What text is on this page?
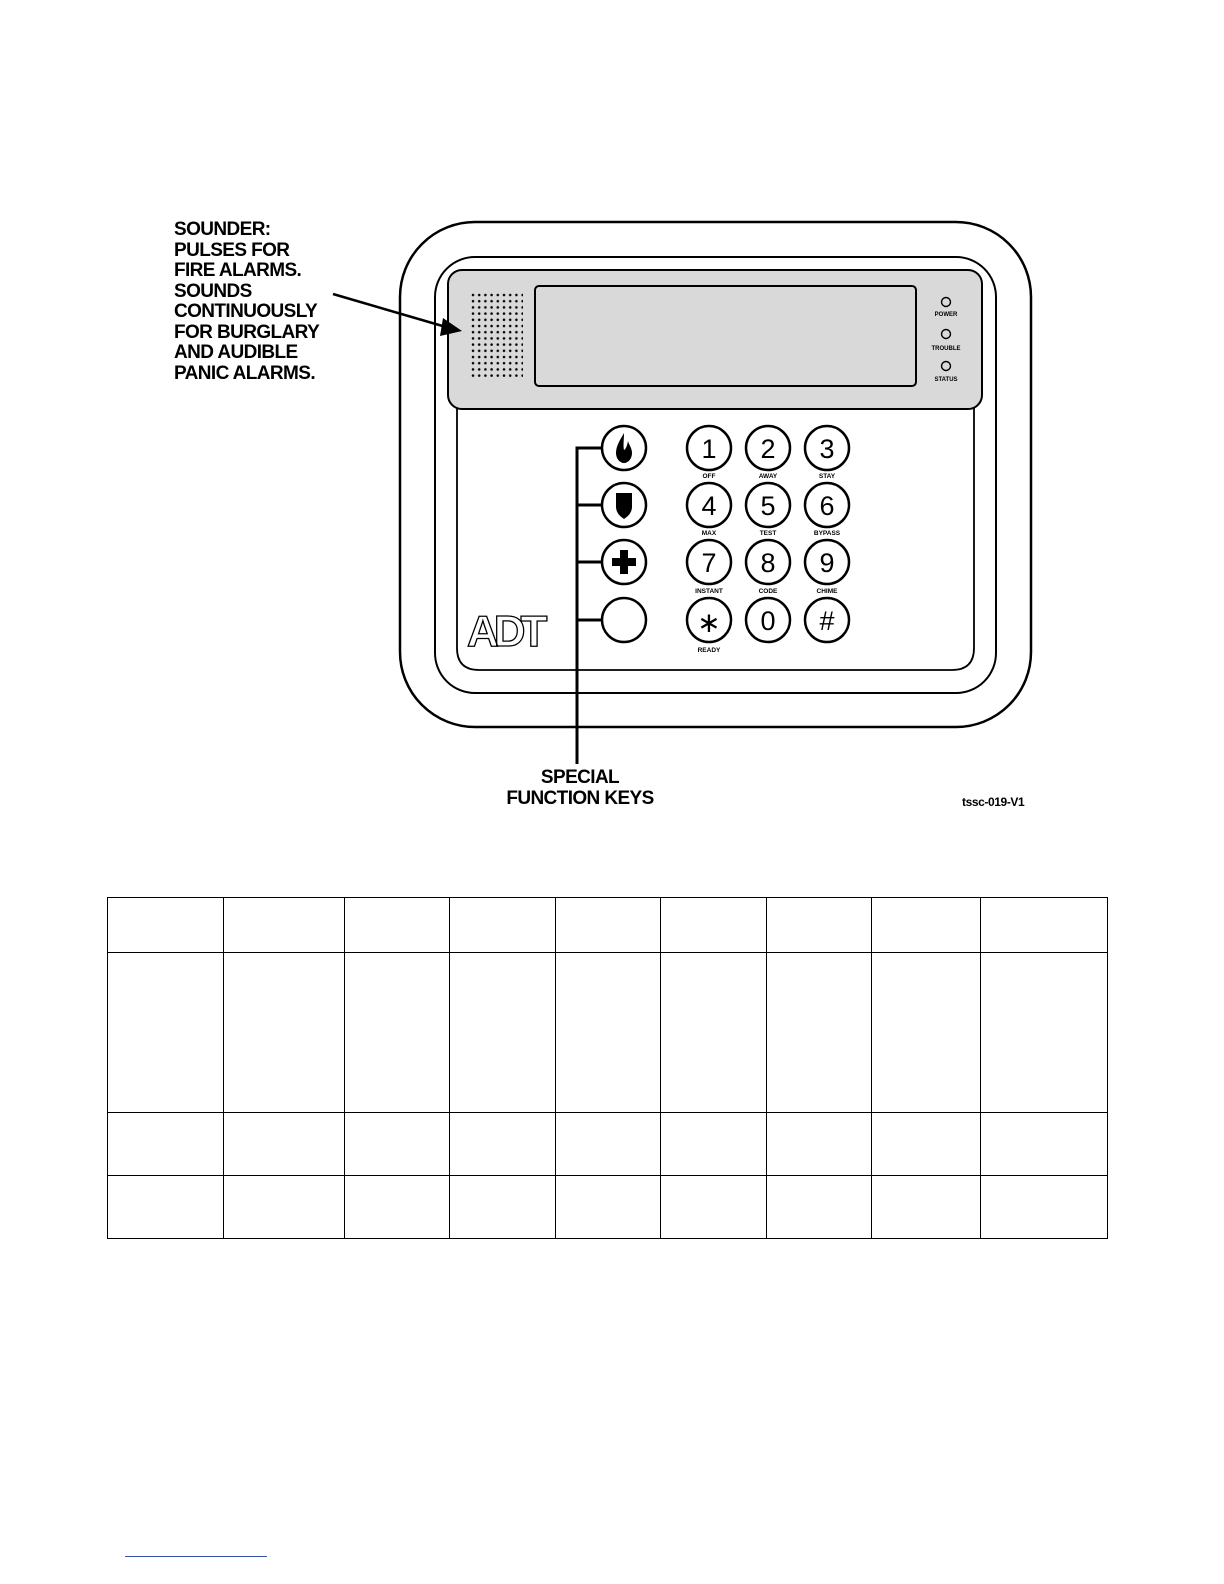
POWER
TROUBLE
STATUS
1 2 3
4 5 6
7 8 9
∗ 0 #
OFF	AWAY	STAY
MAX	TEST	BYPASS
INSTANT	CODE	CHIME
READY
ADT
SOUNDER:
PULSES FOR
FIRE ALARMS.
SOUNDS
CONTINUOUSLY
FOR BURGLARY
AND AUDIBLE
PANIC ALARMS.
SPECIAL
FUNCTION KEYS	tssc-019-V1
